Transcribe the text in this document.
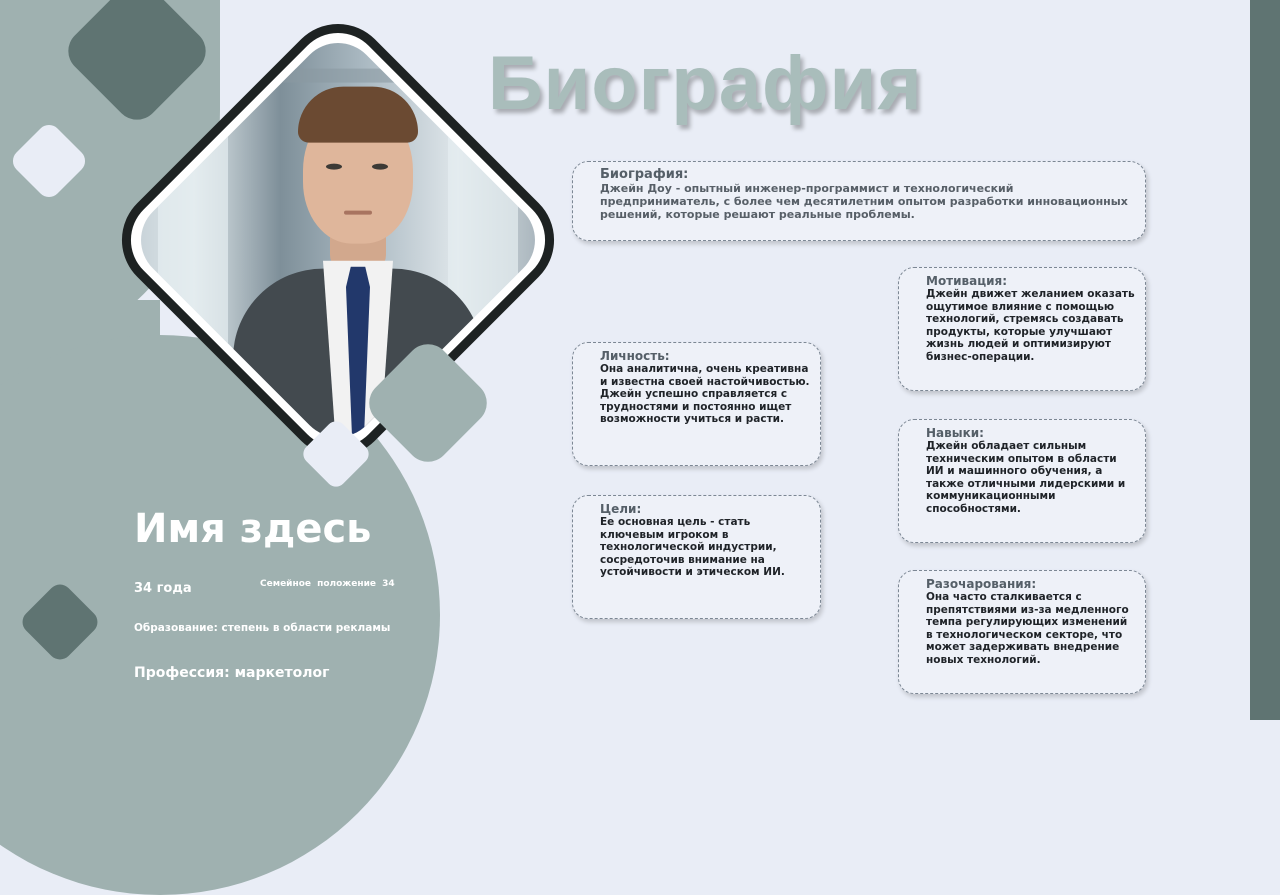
Имя здесь
34 года	Семейное положение 34
Образование: степень в области рекламы
Профессия: маркетолог
Биография
Биография:
Джейн Доу - опытный инженер-программист и технологический предприниматель, с более чем десятилетним опытом разработки инновационных решений, которые решают реальные проблемы.
Мотивация:
Джейн движет желанием оказать ощутимое влияние с помощью технологий, стремясь создавать продукты, которые улучшают жизнь людей и оптимизируют бизнес-операции.
Личность:
Она аналитична, очень креативна и известна своей настойчивостью. Джейн успешно справляется с трудностями и постоянно ищет возможности учиться и расти.
Навыки:
Джейн обладает сильным техническим опытом в области ИИ и машинного обучения, а также отличными лидерскими и коммуникационными способностями.
Цели:
Ее основная цель - стать ключевым игроком в технологической индустрии, сосредоточив внимание на устойчивости и этическом ИИ.
Разочарования:
Она часто сталкивается с препятствиями из-за медленного темпа регулирующих изменений в технологическом секторе, что может задерживать внедрение новых технологий.
